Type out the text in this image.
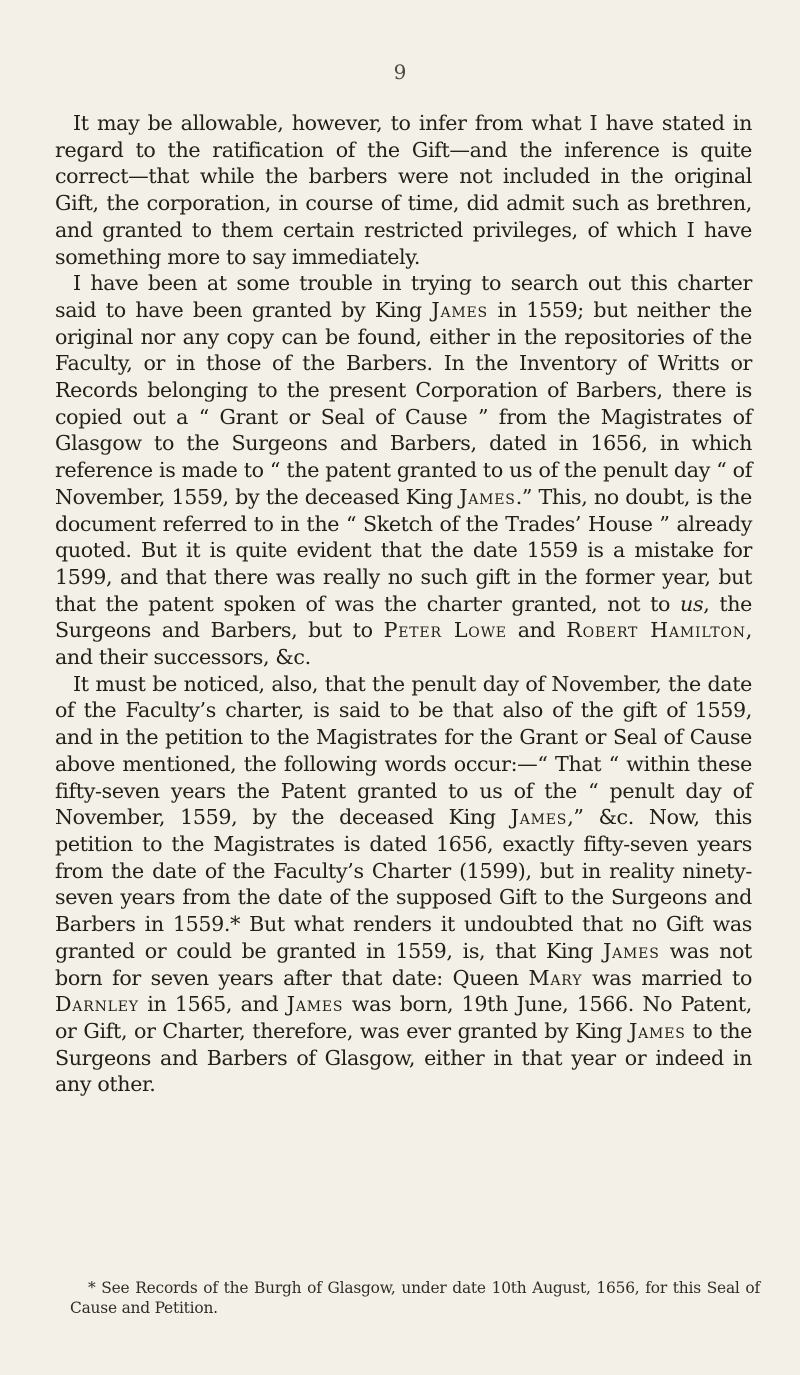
9

It may be allowable, however, to infer from what I have stated in regard to the ratification of the Gift—and the inference is quite correct—that while the barbers were not included in the original Gift, the corporation, in course of time, did admit such as brethren, and granted to them certain restricted privileges, of which I have something more to say immediately.

I have been at some trouble in trying to search out this charter said to have been granted by King James in 1559; but neither the original nor any copy can be found, either in the repositories of the Faculty, or in those of the Barbers. In the Inventory of Writts or Records belonging to the present Corporation of Barbers, there is copied out a “ Grant or Seal of Cause ” from the Magistrates of Glasgow to the Surgeons and Barbers, dated in 1656, in which reference is made to “ the patent granted to us of the penult day “ of November, 1559, by the deceased King James.” This, no doubt, is the document referred to in the “ Sketch of the Trades’ House ” already quoted. But it is quite evident that the date 1559 is a mistake for 1599, and that there was really no such gift in the former year, but that the patent spoken of was the charter granted, not to us, the Surgeons and Barbers, but to Peter Lowe and Robert Hamilton, and their successors, &c.

It must be noticed, also, that the penult day of November, the date of the Faculty’s charter, is said to be that also of the gift of 1559, and in the petition to the Magistrates for the Grant or Seal of Cause above mentioned, the following words occur:—“ That “ within these fifty-seven years the Patent granted to us of the “ penult day of November, 1559, by the deceased King James,” &c. Now, this petition to the Magistrates is dated 1656, exactly fifty-seven years from the date of the Faculty’s Charter (1599), but in reality ninety-seven years from the date of the supposed Gift to the Surgeons and Barbers in 1559.* But what renders it undoubted that no Gift was granted or could be granted in 1559, is, that King James was not born for seven years after that date: Queen Mary was married to Darnley in 1565, and James was born, 19th June, 1566. No Patent, or Gift, or Charter, therefore, was ever granted by King James to the Surgeons and Barbers of Glasgow, either in that year or indeed in any other.

* See Records of the Burgh of Glasgow, under date 10th August, 1656, for this Seal of Cause and Petition.
